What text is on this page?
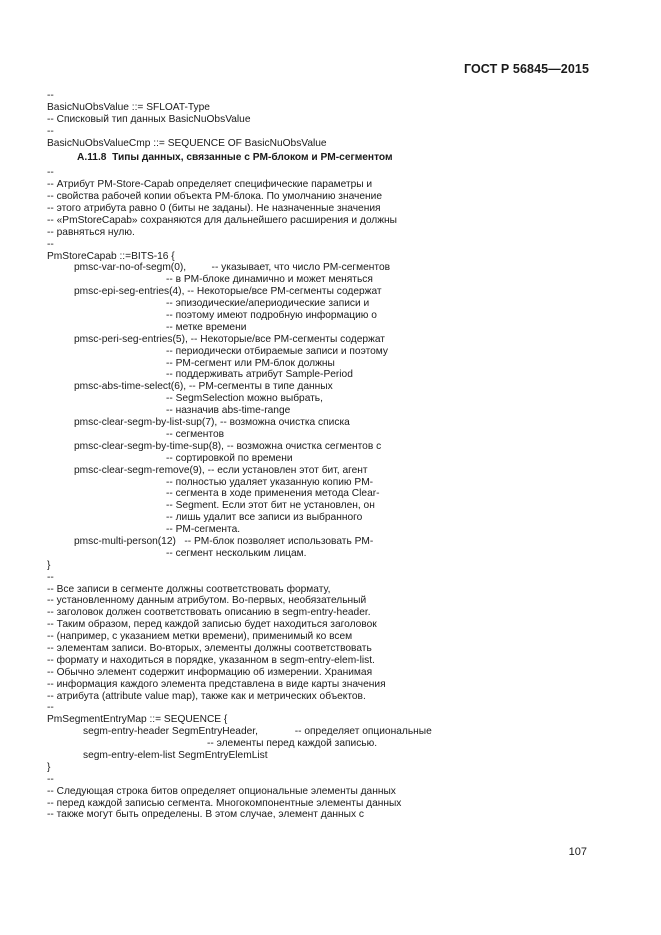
ГОСТ Р 56845—2015
--
BasicNuObsValue ::= SFLOAT-Type
-- Списковый тип данных BasicNuObsValue
--
BasicNuObsValueCmp ::= SEQUENCE OF BasicNuObsValue
А.11.8  Типы данных, связанные с PM-блоком и PM-сегментом
--
-- Атрибут PM-Store-Capab определяет специфические параметры и
-- свойства рабочей копии объекта PM-блока. По умолчанию значение
-- этого атрибута равно 0 (биты не заданы). Не назначенные значения
-- «PmStoreCapab» сохраняются для дальнейшего расширения и должны
-- равняться нулю.
--
PmStoreCapab ::=BITS-16 {
pmsc-var-no-of-segm(0),         -- указывает, что число PM-сегментов
-- в PM-блоке динамично и может меняться
pmsc-epi-seg-entries(4), -- Некоторые/все PM-сегменты содержат
-- эпизодические/апериодические записи и
-- поэтому имеют подробную информацию о
-- метке времени
pmsc-peri-seg-entries(5), -- Некоторые/все PM-сегменты содержат
-- периодически отбираемые записи и поэтому
-- PM-сегмент или PM-блок должны
-- поддерживать атрибут Sample-Period
pmsc-abs-time-select(6), -- PM-сегменты в типе данных
-- SegmSelection можно выбрать,
-- назначив abs-time-range
pmsc-clear-segm-by-list-sup(7), -- возможна очистка списка
-- сегментов
pmsc-clear-segm-by-time-sup(8), -- возможна очистка сегментов с
-- сортировкой по времени
pmsc-clear-segm-remove(9), -- если установлен этот бит, агент
-- полностью удаляет указанную копию PM-
-- сегмента в ходе применения метода Clear-
-- Segment. Если этот бит не установлен, он
-- лишь удалит все записи из выбранного
-- PM-сегмента.
pmsc-multi-person(12)   -- PM-блок позволяет использовать PM-
-- сегмент нескольким лицам.
}
--
-- Все записи в сегменте должны соответствовать формату,
-- установленному данным атрибутом. Во-первых, необязательный
-- заголовок должен соответствовать описанию в segm-entry-header.
-- Таким образом, перед каждой записью будет находиться заголовок
-- (например, с указанием метки времени), применимый ко всем
-- элементам записи. Во-вторых, элементы должны соответствовать
-- формату и находиться в порядке, указанном в segm-entry-elem-list.
-- Обычно элемент содержит информацию об измерении. Хранимая
-- информация каждого элемента представлена в виде карты значения
-- атрибута (attribute value map), также как и метрических объектов.
--
PmSegmentEntryMap ::= SEQUENCE {
segm-entry-header SegmEntryHeader,             -- определяет опциональные
-- элементы перед каждой записью.
segm-entry-elem-list SegmEntryElemList
}
--
-- Следующая строка битов определяет опциональные элементы данных
-- перед каждой записью сегмента. Многокомпонентные элементы данных
-- также могут быть определены. В этом случае, элемент данных с
107
